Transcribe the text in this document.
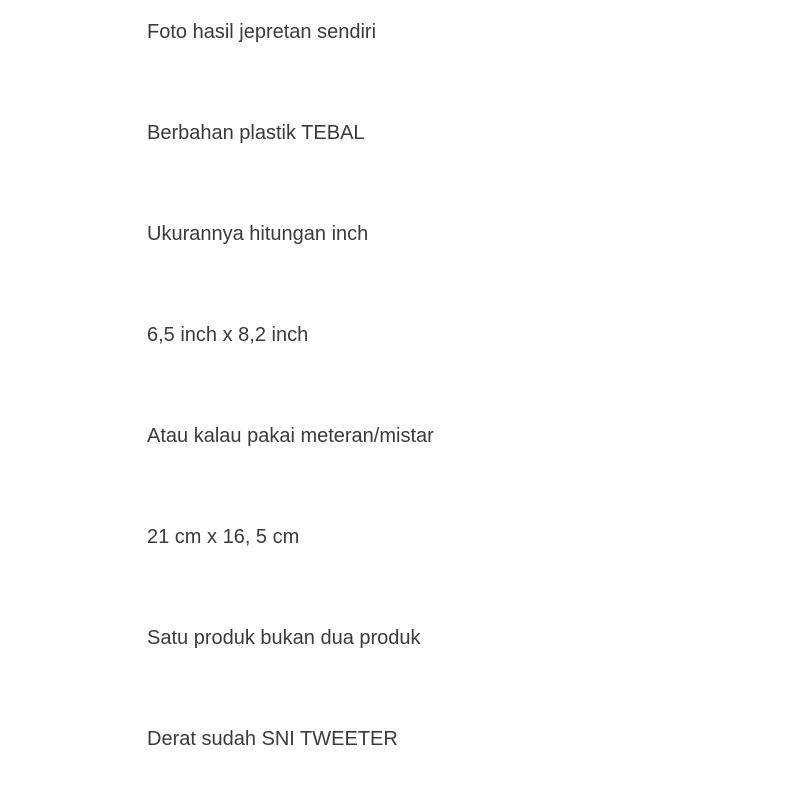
Foto hasil jepretan sendiri
Berbahan plastik TEBAL
Ukurannya hitungan inch
6,5 inch x 8,2 inch
Atau kalau pakai meteran/mistar
21 cm x 16, 5 cm
Satu produk bukan dua produk
Derat sudah SNI TWEETER
